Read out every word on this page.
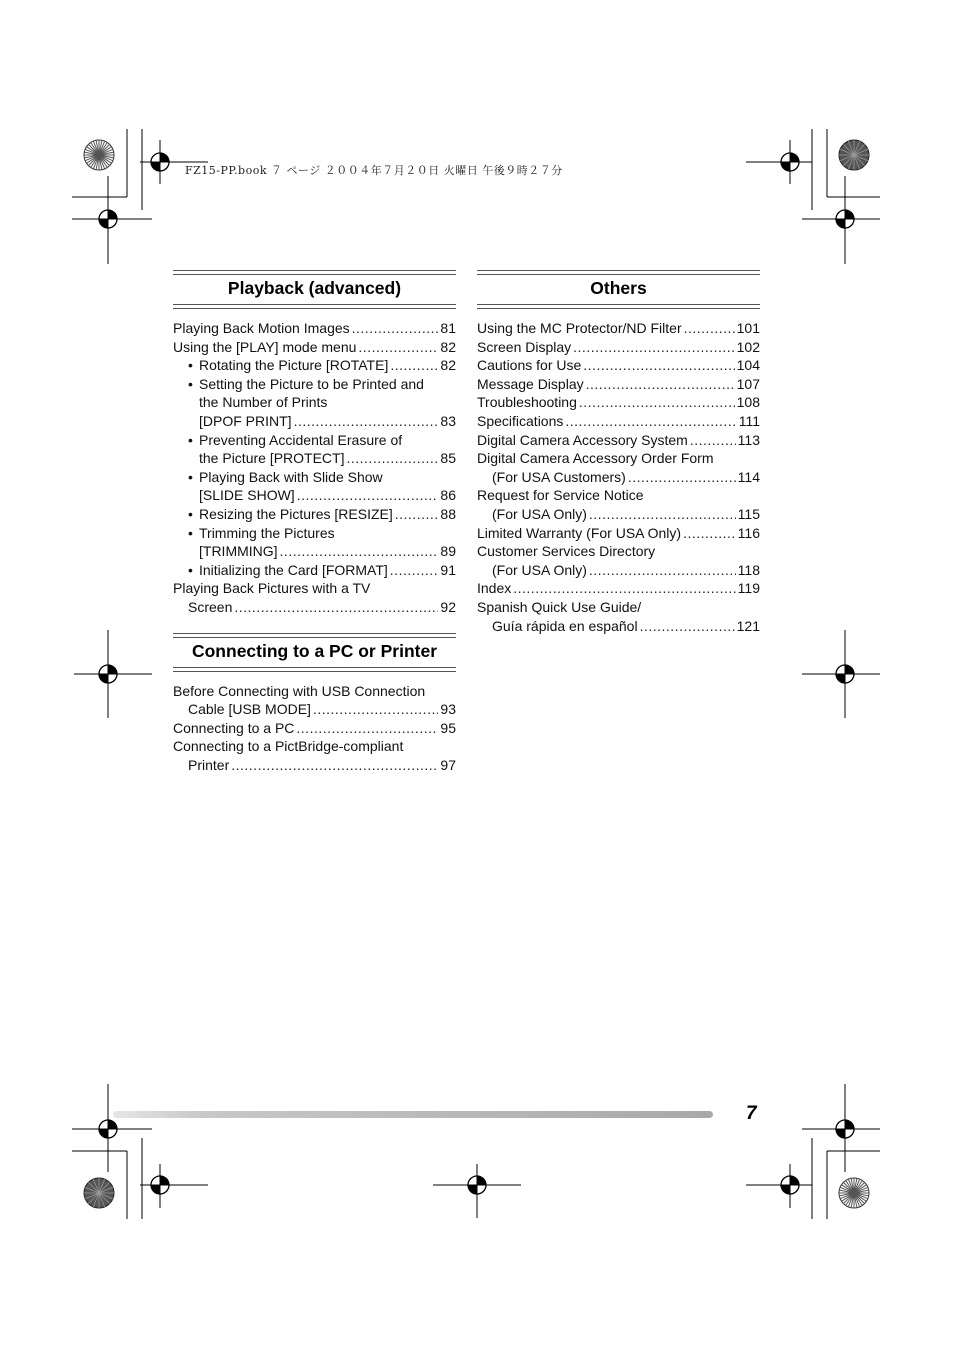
FZ15-PP.book ７ ページ ２００４年７月２０日 火曜日 午後９時２７分
Playback (advanced)
Playing Back Motion Images .....	81
Using the [PLAY] mode menu .....	82
• Rotating the Picture [ROTATE] .....	82
• Setting the Picture to be Printed and
the Number of Prints
[DPOF PRINT] .....	83
• Preventing Accidental Erasure of
the Picture [PROTECT] .....	85
• Playing Back with Slide Show
[SLIDE SHOW] .....	86
• Resizing the Pictures [RESIZE] .....	88
• Trimming the Pictures
[TRIMMING] .....	89
• Initializing the Card [FORMAT] .....	91
Playing Back Pictures with a TV
Screen .....	92
Connecting to a PC or Printer
Before Connecting with USB Connection
Cable [USB MODE] .....	93
Connecting to a PC .....	95
Connecting to a PictBridge-compliant
Printer .....	97
Others
Using the MC Protector/ND Filter .....	101
Screen Display .....	102
Cautions for Use .....	104
Message Display .....	107
Troubleshooting .....	108
Specifications .....	111
Digital Camera Accessory System .....	113
Digital Camera Accessory Order Form
(For USA Customers) .....	114
Request for Service Notice
(For USA Only) .....	115
Limited Warranty (For USA Only) .....	116
Customer Services Directory
(For USA Only) .....	118
Index .....	119
Spanish Quick Use Guide/
Guía rápida en español .....	121
7
